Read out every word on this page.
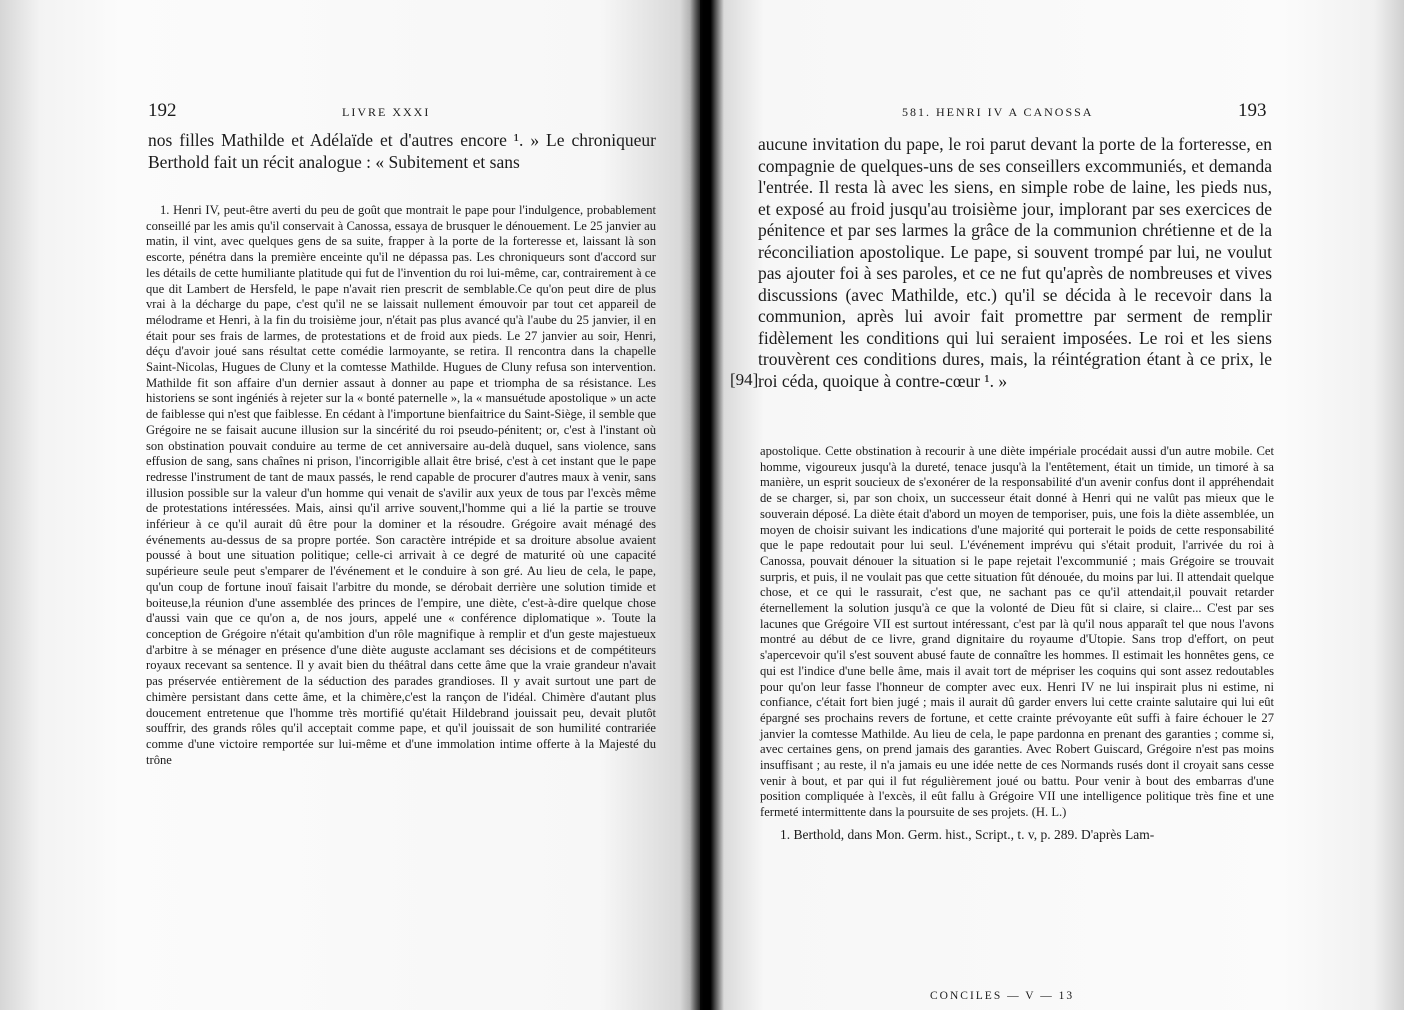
192	LIVRE XXXI

nos filles Mathilde et Adélaïde et d'autres encore ¹. » Le chroniqueur Berthold fait un récit analogue : « Subitement et sans

1. Henri IV, peut-être averti du peu de goût que montrait le pape pour l'indulgence, probablement conseillé par les amis qu'il conservait à Canossa, essaya de brusquer le dénouement. Le 25 janvier au matin, il vint, avec quelques gens de sa suite, frapper à la porte de la forteresse et, laissant là son escorte, pénétra dans la première enceinte qu'il ne dépassa pas. Les chroniqueurs sont d'accord sur les détails de cette humiliante platitude qui fut de l'invention du roi lui-même, car, contrairement à ce que dit Lambert de Hersfeld, le pape n'avait rien prescrit de semblable.Ce qu'on peut dire de plus vrai à la décharge du pape, c'est qu'il ne se laissait nullement émouvoir par tout cet appareil de mélodrame et Henri, à la fin du troisième jour, n'était pas plus avancé qu'à l'aube du 25 janvier, il en était pour ses frais de larmes, de protestations et de froid aux pieds. Le 27 janvier au soir, Henri, déçu d'avoir joué sans résultat cette comédie larmoyante, se retira. Il rencontra dans la chapelle Saint-Nicolas, Hugues de Cluny et la comtesse Mathilde. Hugues de Cluny refusa son intervention. Mathilde fit son affaire d'un dernier assaut à donner au pape et triompha de sa résistance. Les historiens se sont ingéniés à rejeter sur la « bonté paternelle », la « mansuétude apostolique » un acte de faiblesse qui n'est que faiblesse. En cédant à l'importune bienfaitrice du Saint-Siège, il semble que Grégoire ne se faisait aucune illusion sur la sincérité du roi pseudo-pénitent; or, c'est à l'instant où son obstination pouvait conduire au terme de cet anniversaire au-delà duquel, sans violence, sans effusion de sang, sans chaînes ni prison, l'incorrigible allait être brisé, c'est à cet instant que le pape redresse l'instrument de tant de maux passés, le rend capable de procurer d'autres maux à venir, sans illusion possible sur la valeur d'un homme qui venait de s'avilir aux yeux de tous par l'excès même de protestations intéressées. Mais, ainsi qu'il arrive souvent,l'homme qui a lié la partie se trouve inférieur à ce qu'il aurait dû être pour la dominer et la résoudre. Grégoire avait ménagé des événements au-dessus de sa propre portée. Son caractère intrépide et sa droiture absolue avaient poussé à bout une situation politique; celle-ci arrivait à ce degré de maturité où une capacité supérieure seule peut s'emparer de l'événement et le conduire à son gré. Au lieu de cela, le pape, qu'un coup de fortune inouï faisait l'arbitre du monde, se dérobait derrière une solution timide et boiteuse,la réunion d'une assemblée des princes de l'empire, une diète, c'est-à-dire quelque chose d'aussi vain que ce qu'on a, de nos jours, appelé une « conférence diplomatique ». Toute la conception de Grégoire n'était qu'ambition d'un rôle magnifique à remplir et d'un geste majestueux d'arbitre à se ménager en présence d'une diète auguste acclamant ses décisions et de compétiteurs royaux recevant sa sentence. Il y avait bien du théâtral dans cette âme que la vraie grandeur n'avait pas préservée entièrement de la séduction des parades grandioses. Il y avait surtout une part de chimère persistant dans cette âme, et la chimère,c'est la rançon de l'idéal. Chimère d'autant plus doucement entretenue que l'homme très mortifié qu'était Hildebrand jouissait peu, devait plutôt souffrir, des grands rôles qu'il acceptait comme pape, et qu'il jouissait de son humilité contrariée comme d'une victoire remportée sur lui-même et d'une immolation intime offerte à la Majesté du trône

581. HENRI IV A CANOSSA	193

aucune invitation du pape, le roi parut devant la porte de la forteresse, en compagnie de quelques-uns de ses conseillers excommuniés, et demanda l'entrée. Il resta là avec les siens, en simple robe de laine, les pieds nus, et exposé au froid jusqu'au troisième jour, implorant par ses exercices de pénitence et par ses larmes la grâce de la communion chrétienne et de la réconciliation apostolique. Le pape, si souvent trompé par lui, ne voulut pas ajouter foi à ses paroles, et ce ne fut qu'après de nombreuses et vives discussions (avec Mathilde, etc.) qu'il se décida à le recevoir dans la communion, après lui avoir fait promettre par serment de remplir fidèlement les conditions qui lui seraient imposées. Le roi et les siens trouvèrent ces conditions dures, mais, la réintégration étant à ce prix, le roi céda, quoique à contre-cœur ¹. »

[94]

apostolique. Cette obstination à recourir à une diète impériale procédait aussi d'un autre mobile. Cet homme, vigoureux jusqu'à la dureté, tenace jusqu'à la l'entêtement, était un timide, un timoré à sa manière, un esprit soucieux de s'exonérer de la responsabilité d'un avenir confus dont il appréhendait de se charger, si, par son choix, un successeur était donné à Henri qui ne valût pas mieux que le souverain déposé. La diète était d'abord un moyen de temporiser, puis, une fois la diète assemblée, un moyen de choisir suivant les indications d'une majorité qui porterait le poids de cette responsabilité que le pape redoutait pour lui seul. L'événement imprévu qui s'était produit, l'arrivée du roi à Canossa, pouvait dénouer la situation si le pape rejetait l'excommunié ; mais Grégoire se trouvait surpris, et puis, il ne voulait pas que cette situation fût dénouée, du moins par lui. Il attendait quelque chose, et ce qui le rassurait, c'est que, ne sachant pas ce qu'il attendait,il pouvait retarder éternellement la solution jusqu'à ce que la volonté de Dieu fût si claire, si claire... C'est par ses lacunes que Grégoire VII est surtout intéressant, c'est par là qu'il nous apparaît tel que nous l'avons montré au début de ce livre, grand dignitaire du royaume d'Utopie. Sans trop d'effort, on peut s'apercevoir qu'il s'est souvent abusé faute de connaître les hommes. Il estimait les honnêtes gens, ce qui est l'indice d'une belle âme, mais il avait tort de mépriser les coquins qui sont assez redoutables pour qu'on leur fasse l'honneur de compter avec eux. Henri IV ne lui inspirait plus ni estime, ni confiance, c'était fort bien jugé ; mais il aurait dû garder envers lui cette crainte salutaire qui lui eût épargné ses prochains revers de fortune, et cette crainte prévoyante eût suffi à faire échouer le 27 janvier la comtesse Mathilde. Au lieu de cela, le pape pardonna en prenant des garanties ; comme si, avec certaines gens, on prend jamais des garanties. Avec Robert Guiscard, Grégoire n'est pas moins insuffisant ; au reste, il n'a jamais eu une idée nette de ces Normands rusés dont il croyait sans cesse venir à bout, et par qui il fut régulièrement joué ou battu. Pour venir à bout des embarras d'une position compliquée à l'excès, il eût fallu à Grégoire VII une intelligence politique très fine et une fermeté intermittente dans la poursuite de ses projets. (H. L.)

1. Berthold, dans Mon. Germ. hist., Script., t. v, p. 289. D'après Lam-

CONCILES — V — 13
